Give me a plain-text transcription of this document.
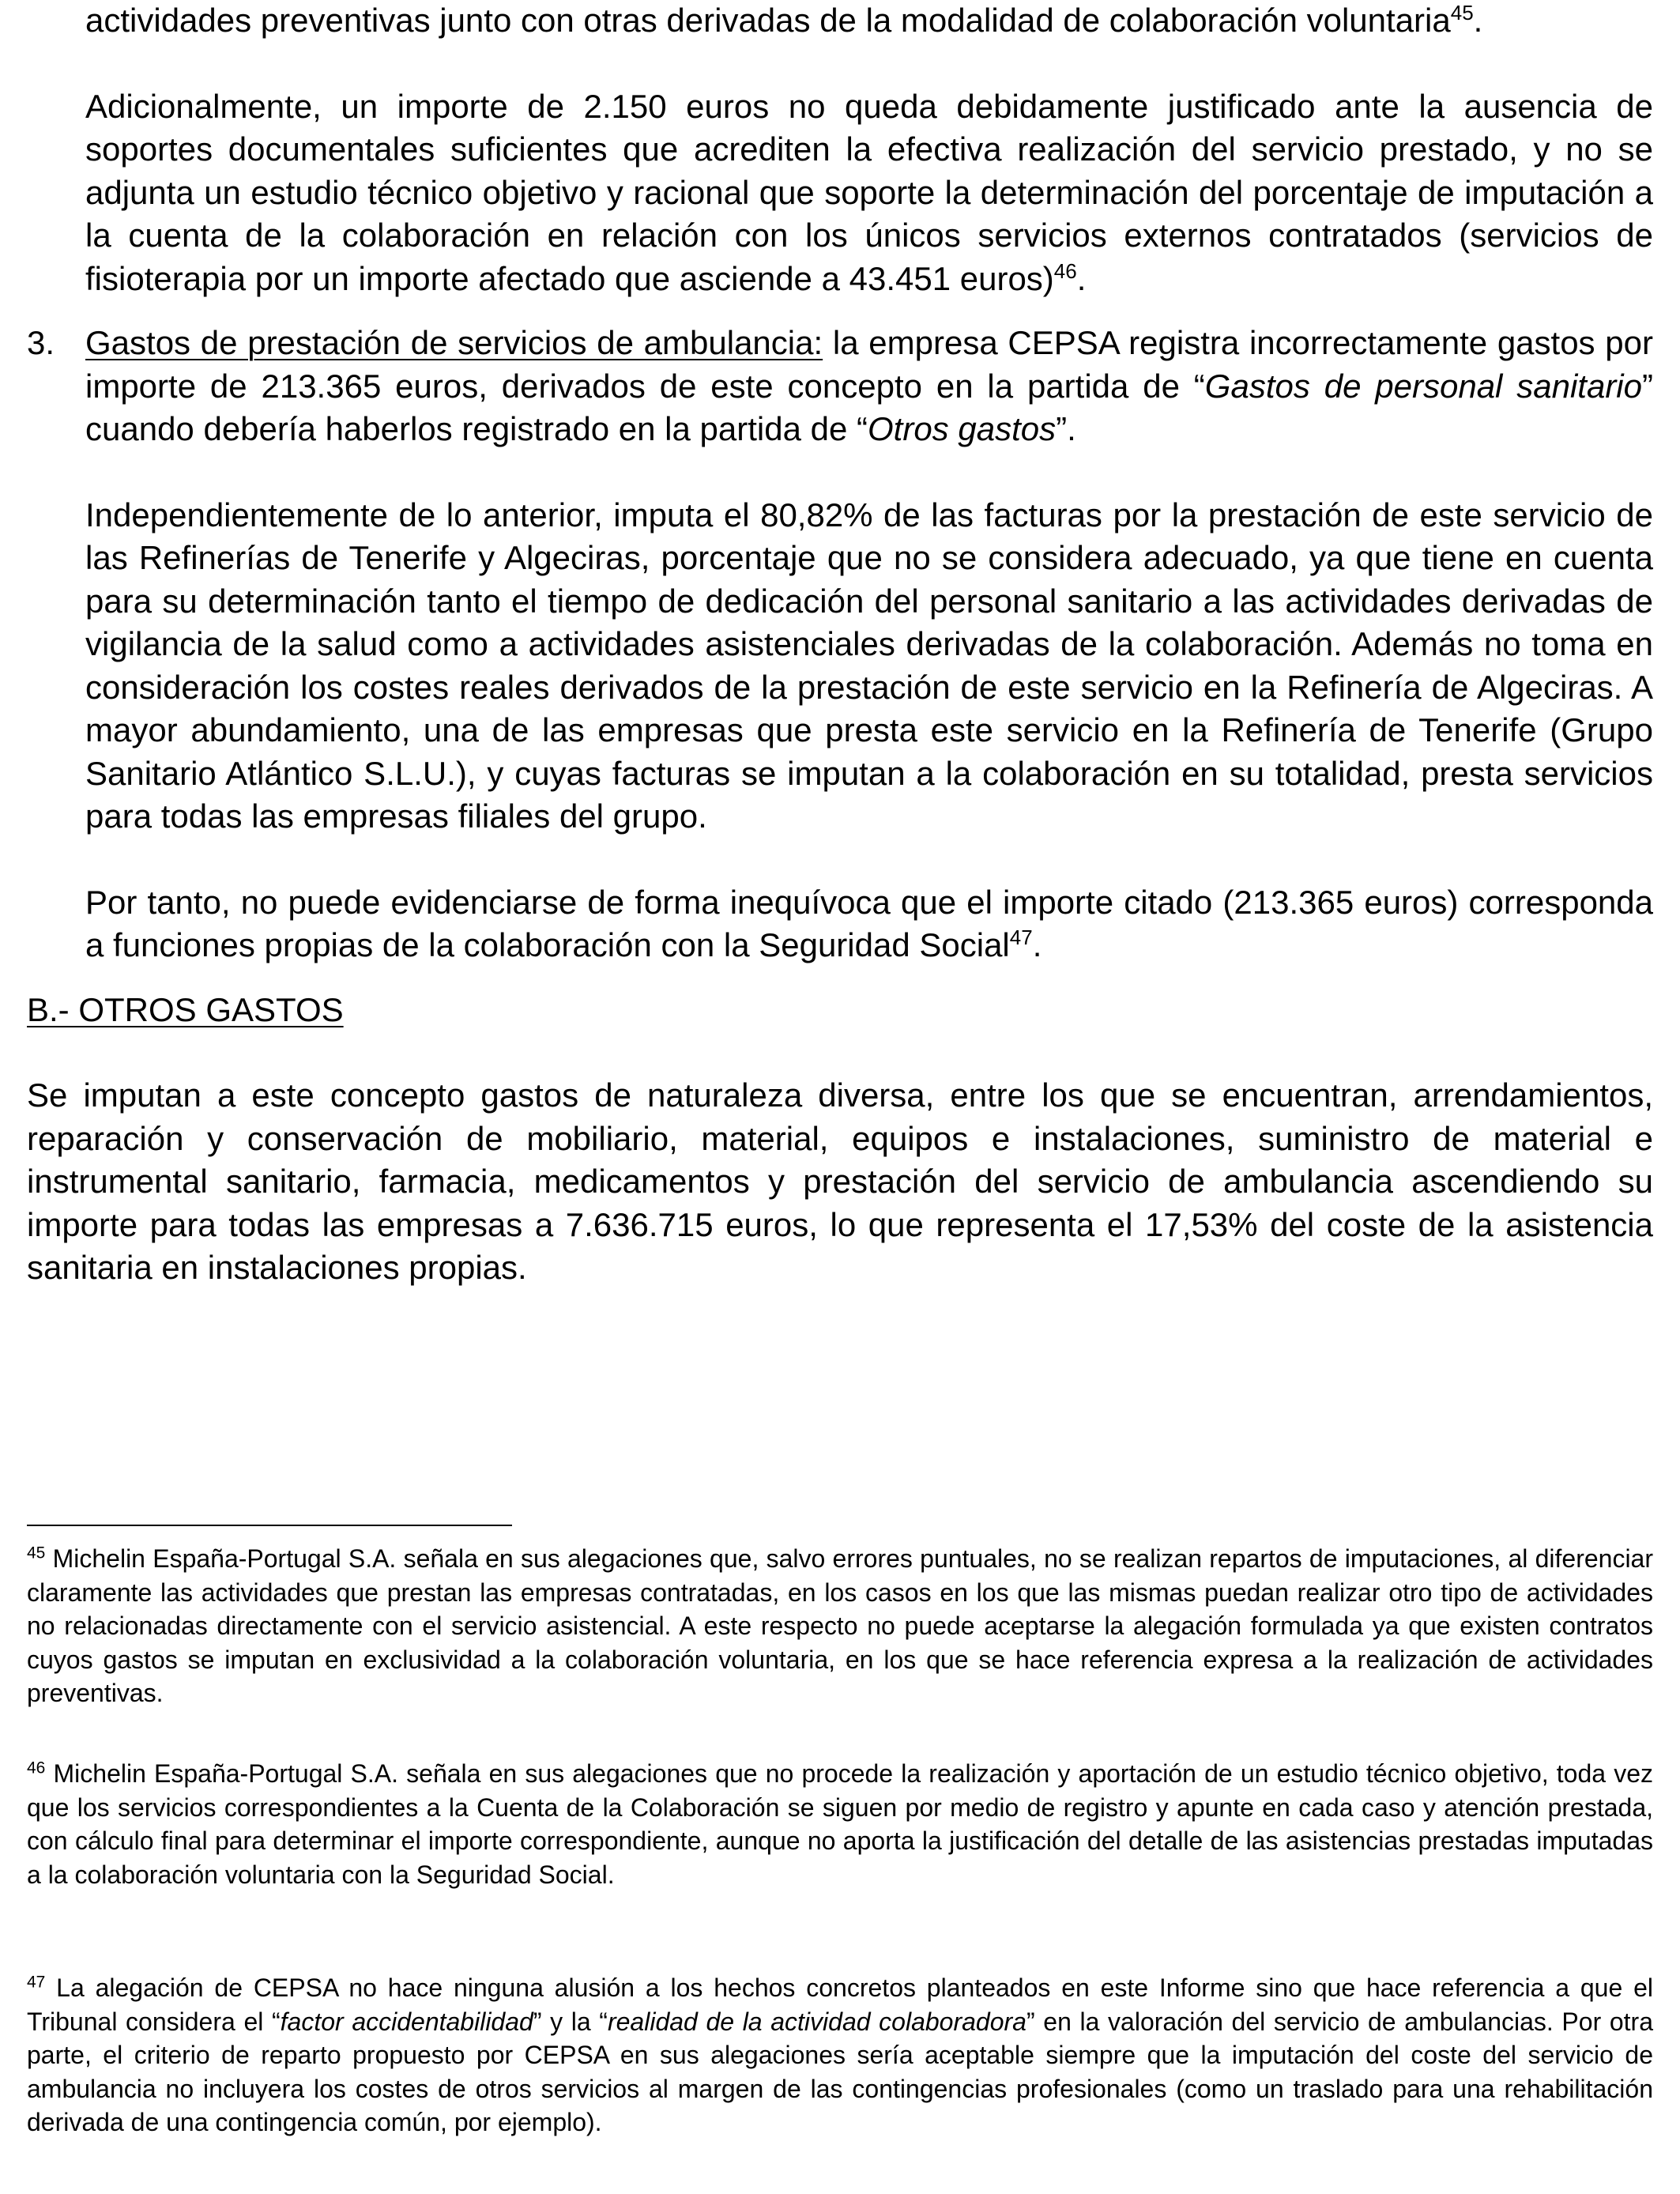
actividades preventivas junto con otras derivadas de la modalidad de colaboración voluntaria$^{45}$.

Adicionalmente, un importe de 2.150 euros no queda debidamente justificado ante la ausencia de soportes documentales suficientes que acrediten la efectiva realización del servicio prestado, y no se adjunta un estudio técnico objetivo y racional que soporte la determinación del porcentaje de imputación a la cuenta de la colaboración en relación con los únicos servicios externos contratados (servicios de fisioterapia por un importe afectado que asciende a 43.451 euros)$^{46}$.

3. Gastos de prestación de servicios de ambulancia: la empresa CEPSA registra incorrectamente gastos por importe de 213.365 euros, derivados de este concepto en la partida de “Gastos de personal sanitario” cuando debería haberlos registrado en la partida de “Otros gastos”.

Independientemente de lo anterior, imputa el 80,82% de las facturas por la prestación de este servicio de las Refinerías de Tenerife y Algeciras, porcentaje que no se considera adecuado, ya que tiene en cuenta para su determinación tanto el tiempo de dedicación del personal sanitario a las actividades derivadas de vigilancia de la salud como a actividades asistenciales derivadas de la colaboración. Además no toma en consideración los costes reales derivados de la prestación de este servicio en la Refinería de Algeciras. A mayor abundamiento, una de las empresas que presta este servicio en la Refinería de Tenerife (Grupo Sanitario Atlántico S.L.U.), y cuyas facturas se imputan a la colaboración en su totalidad, presta servicios para todas las empresas filiales del grupo.

Por tanto, no puede evidenciarse de forma inequívoca que el importe citado (213.365 euros) corresponda a funciones propias de la colaboración con la Seguridad Social$^{47}$.

B.- OTROS GASTOS

Se imputan a este concepto gastos de naturaleza diversa, entre los que se encuentran, arrendamientos, reparación y conservación de mobiliario, material, equipos e instalaciones, suministro de material e instrumental sanitario, farmacia, medicamentos y prestación del servicio de ambulancia ascendiendo su importe para todas las empresas a 7.636.715 euros, lo que representa el 17,53% del coste de la asistencia sanitaria en instalaciones propias.

$^{45}$ Michelin España-Portugal S.A. señala en sus alegaciones que, salvo errores puntuales, no se realizan repartos de imputaciones, al diferenciar claramente las actividades que prestan las empresas contratadas, en los casos en los que las mismas puedan realizar otro tipo de actividades no relacionadas directamente con el servicio asistencial. A este respecto no puede aceptarse la alegación formulada ya que existen contratos cuyos gastos se imputan en exclusividad a la colaboración voluntaria, en los que se hace referencia expresa a la realización de actividades preventivas.

$^{46}$ Michelin España-Portugal S.A. señala en sus alegaciones que no procede la realización y aportación de un estudio técnico objetivo, toda vez que los servicios correspondientes a la Cuenta de la Colaboración se siguen por medio de registro y apunte en cada caso y atención prestada, con cálculo final para determinar el importe correspondiente, aunque no aporta la justificación del detalle de las asistencias prestadas imputadas a la colaboración voluntaria con la Seguridad Social.

$^{47}$ La alegación de CEPSA no hace ninguna alusión a los hechos concretos planteados en este Informe sino que hace referencia a que el Tribunal considera el “factor accidentabilidad” y la “realidad de la actividad colaboradora” en la valoración del servicio de ambulancias. Por otra parte, el criterio de reparto propuesto por CEPSA en sus alegaciones sería aceptable siempre que la imputación del coste del servicio de ambulancia no incluyera los costes de otros servicios al margen de las contingencias profesionales (como un traslado para una rehabilitación derivada de una contingencia común, por ejemplo).
